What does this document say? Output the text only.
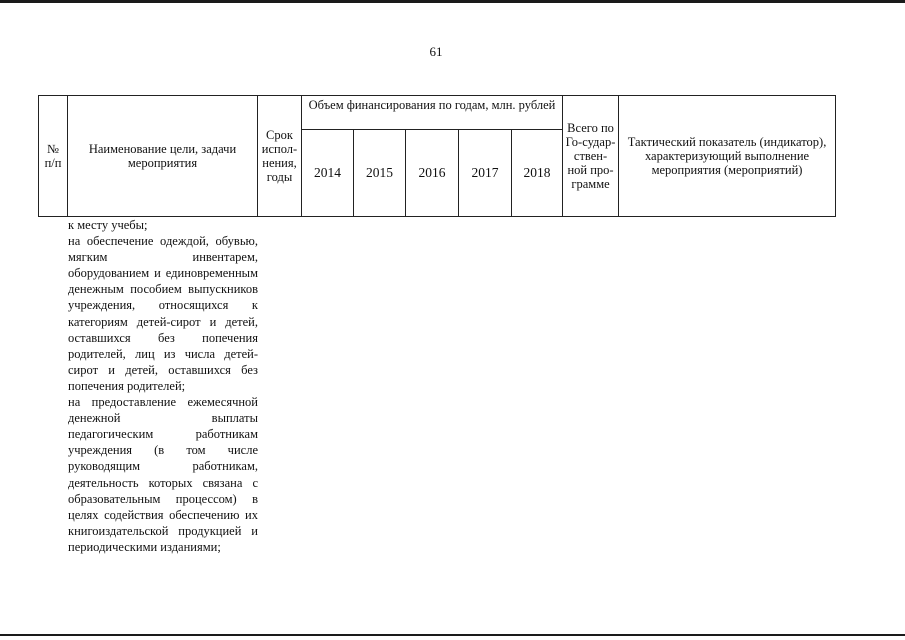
61
№ п/п	Наименование цели, задачи мероприятия	Срок испол-нения, годы	Объем финансирования по годам, млн. рублей					Всего по Го-судар-ствен-ной про-грамме	Тактический показатель (индикатор), характеризующий выполнение мероприятия (мероприятий)
			2014	2015	2016	2017	2018		

к месту учебы;

на обеспечение одеждой, обувью, мягким инвентарем, оборудованием и единовременным денежным пособием выпускников учреждения, относящихся к категориям детей-сирот и детей, оставшихся без попечения родителей, лиц из числа детей-сирот и детей, оставшихся без попечения родителей;

на предоставление ежемесячной денежной выплаты педагогическим работникам учреждения (в том числе руководящим работникам, деятельность которых связана с образовательным процессом) в целях содействия обеспечению их книгоиздательской продукцией и периодическими изданиями;
